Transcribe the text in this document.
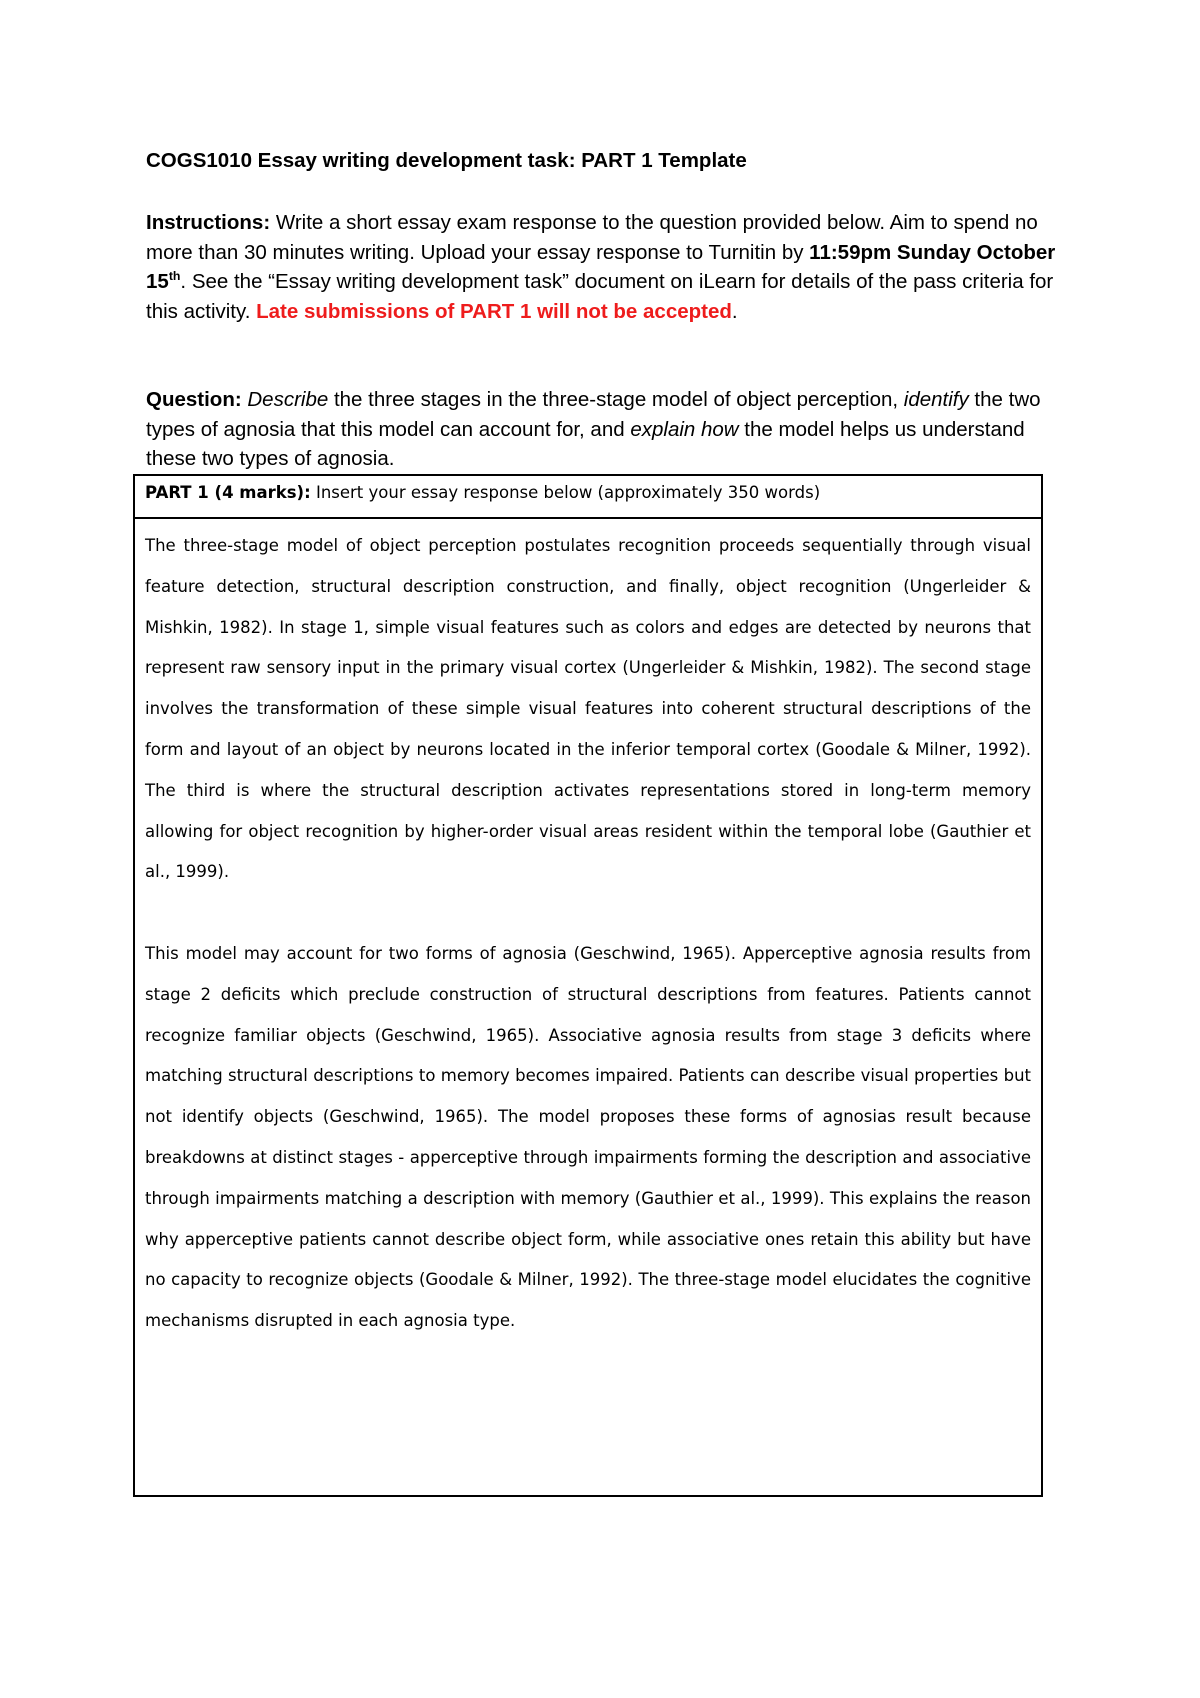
COGS1010 Essay writing development task: PART 1 Template
Instructions: Write a short essay exam response to the question provided below. Aim to spend no more than 30 minutes writing. Upload your essay response to Turnitin by 11:59pm Sunday October 15th. See the “Essay writing development task” document on iLearn for details of the pass criteria for this activity. Late submissions of PART 1 will not be accepted.
Question: Describe the three stages in the three-stage model of object perception, identify the two types of agnosia that this model can account for, and explain how the model helps us understand these two types of agnosia.
PART 1 (4 marks): Insert your essay response below (approximately 350 words)

The three-stage model of object perception postulates recognition proceeds sequentially through visual feature detection, structural description construction, and finally, object recognition (Ungerleider & Mishkin, 1982). In stage 1, simple visual features such as colors and edges are detected by neurons that represent raw sensory input in the primary visual cortex (Ungerleider & Mishkin, 1982). The second stage involves the transformation of these simple visual features into coherent structural descriptions of the form and layout of an object by neurons located in the inferior temporal cortex (Goodale & Milner, 1992). The third is where the structural description activates representations stored in long-term memory allowing for object recognition by higher-order visual areas resident within the temporal lobe (Gauthier et al., 1999).

This model may account for two forms of agnosia (Geschwind, 1965). Apperceptive agnosia results from stage 2 deficits which preclude construction of structural descriptions from features. Patients cannot recognize familiar objects (Geschwind, 1965). Associative agnosia results from stage 3 deficits where matching structural descriptions to memory becomes impaired. Patients can describe visual properties but not identify objects (Geschwind, 1965). The model proposes these forms of agnosias result because breakdowns at distinct stages - apperceptive through impairments forming the description and associative through impairments matching a description with memory (Gauthier et al., 1999). This explains the reason why apperceptive patients cannot describe object form, while associative ones retain this ability but have no capacity to recognize objects (Goodale & Milner, 1992). The three-stage model elucidates the cognitive mechanisms disrupted in each agnosia type.
